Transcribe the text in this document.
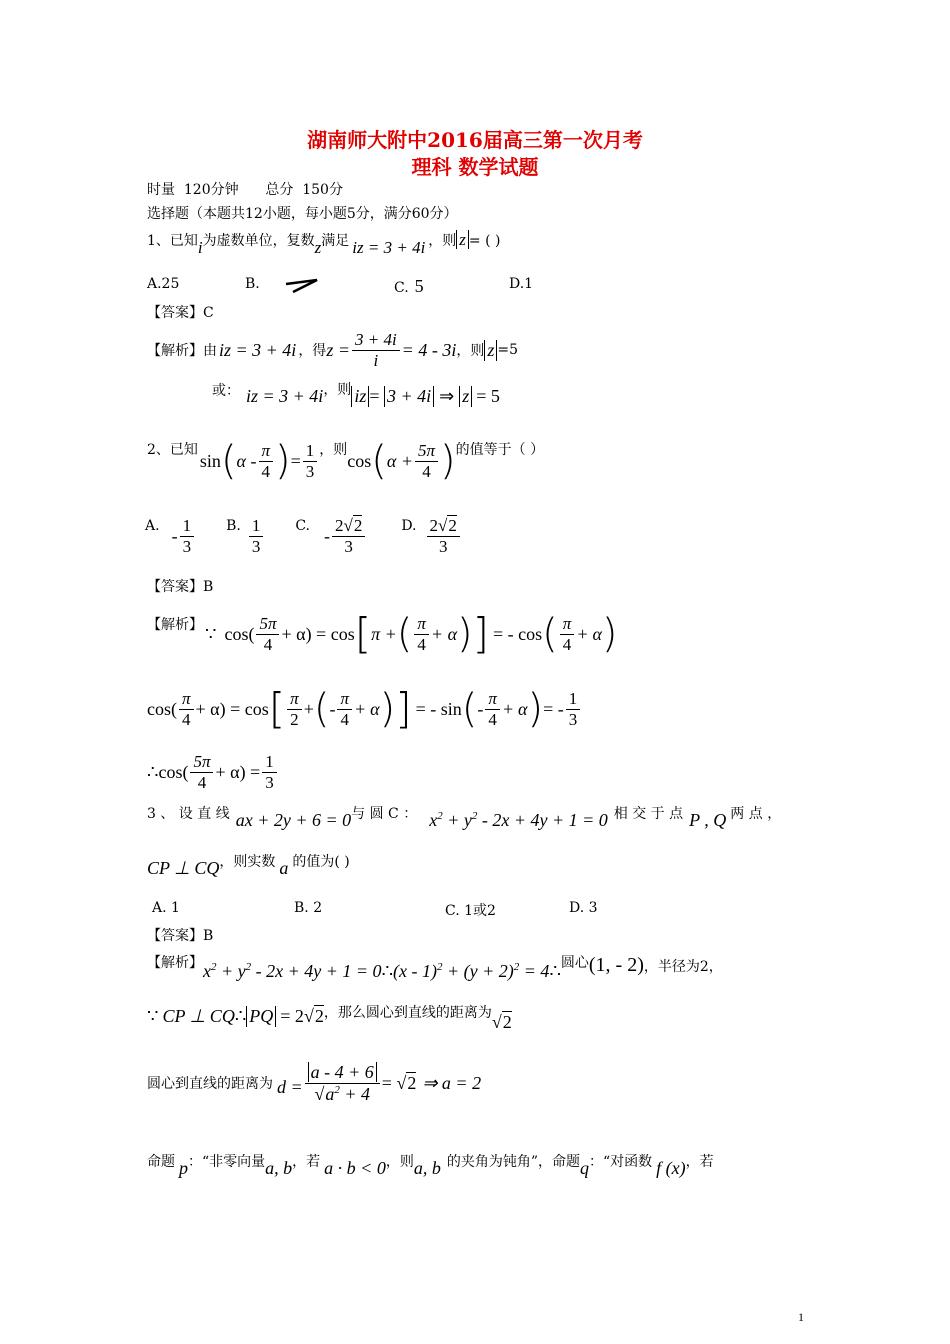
湖南师大附中2016届高三第一次月考
理科 数学试题
时量  120分钟      总分  150分
选择题（本题共12小题，每小题5分，满分60分）
1、已知i为虚数单位，复数z满足 iz = 3 + 4i ，则 z = ( )
A.25	B.	C. 5	D.1
【答案】C
【解析】由 iz = 3 + 4i ，得 $z = \frac{3 + 4i}{i} = 4 - 3i$ ，则 z =5
或： iz = 3 + 4i ，则 iz = 3 + 4i ⇒ z = 5
2、已知
sin ( α - $\frac{\pi}{4}$ ) = $\frac{1}{3}$ ，则
cos ( $\alpha + \frac{5\pi}{4}$ ) 的值等于（ ）
A. - $\frac{1}{3} B$. $\frac{1}{3} C$. - $\frac{2√2}{3}$	D. $\frac{2√2}{3}$
【答案】B
【解析】 ∵ $\cos( \frac{5\pi}{4} + \alpha) = \cos$ [ π + ( $\frac{\pi}{4} + \alpha$ ) ] = - cos ( $\frac{\pi}{4} + \alpha$ )
$\cos( \frac{\pi}{4} + \alpha) = \cos$ [ $\frac{\pi}{2}$ + ( - $\frac{\pi}{4} + \alpha$ ) ] = - sin ( - $\frac{\pi}{4} + \alpha$ ) = - $\frac{1}{3}$
∴ $\cos( \frac{5\pi}{4} + \alpha) = \frac{1}{3}$
3 、 设 直 线 ax + 2y + 6 = 0 与 圆 C ： $x^2 + y^2 - 2x + 4y + 1 = 0$ 相 交 于 点 P , Q 两 点 ，
CP ⊥ CQ ，则实数 a 的值为( )
A. 1	B. 2	C. 1或2	D. 3
【答案】B
【解析】 $x^2 + y^2 - 2x + 4y + 1 = 0$ ∴ $(x - 1)^2 + (y + 2)^2 = 4$ ∴ 圆心 (1, - 2) ，半径为2，
∵ CP ⊥ CQ ∴ PQ = 2 √ 2 ，那么圆心到直线的距离为 √ 2
圆心到直线的距离为 $d = \frac{a - 4 + 6}{√a^2 + 4}$ = √ 2 ⇒ a = 2
命题 p ：“非零向量 a, b ，若 a · b < 0 ，则 a, b 的夹角为钝角”，命题 q ：“对函数 f (x) ，若
1
